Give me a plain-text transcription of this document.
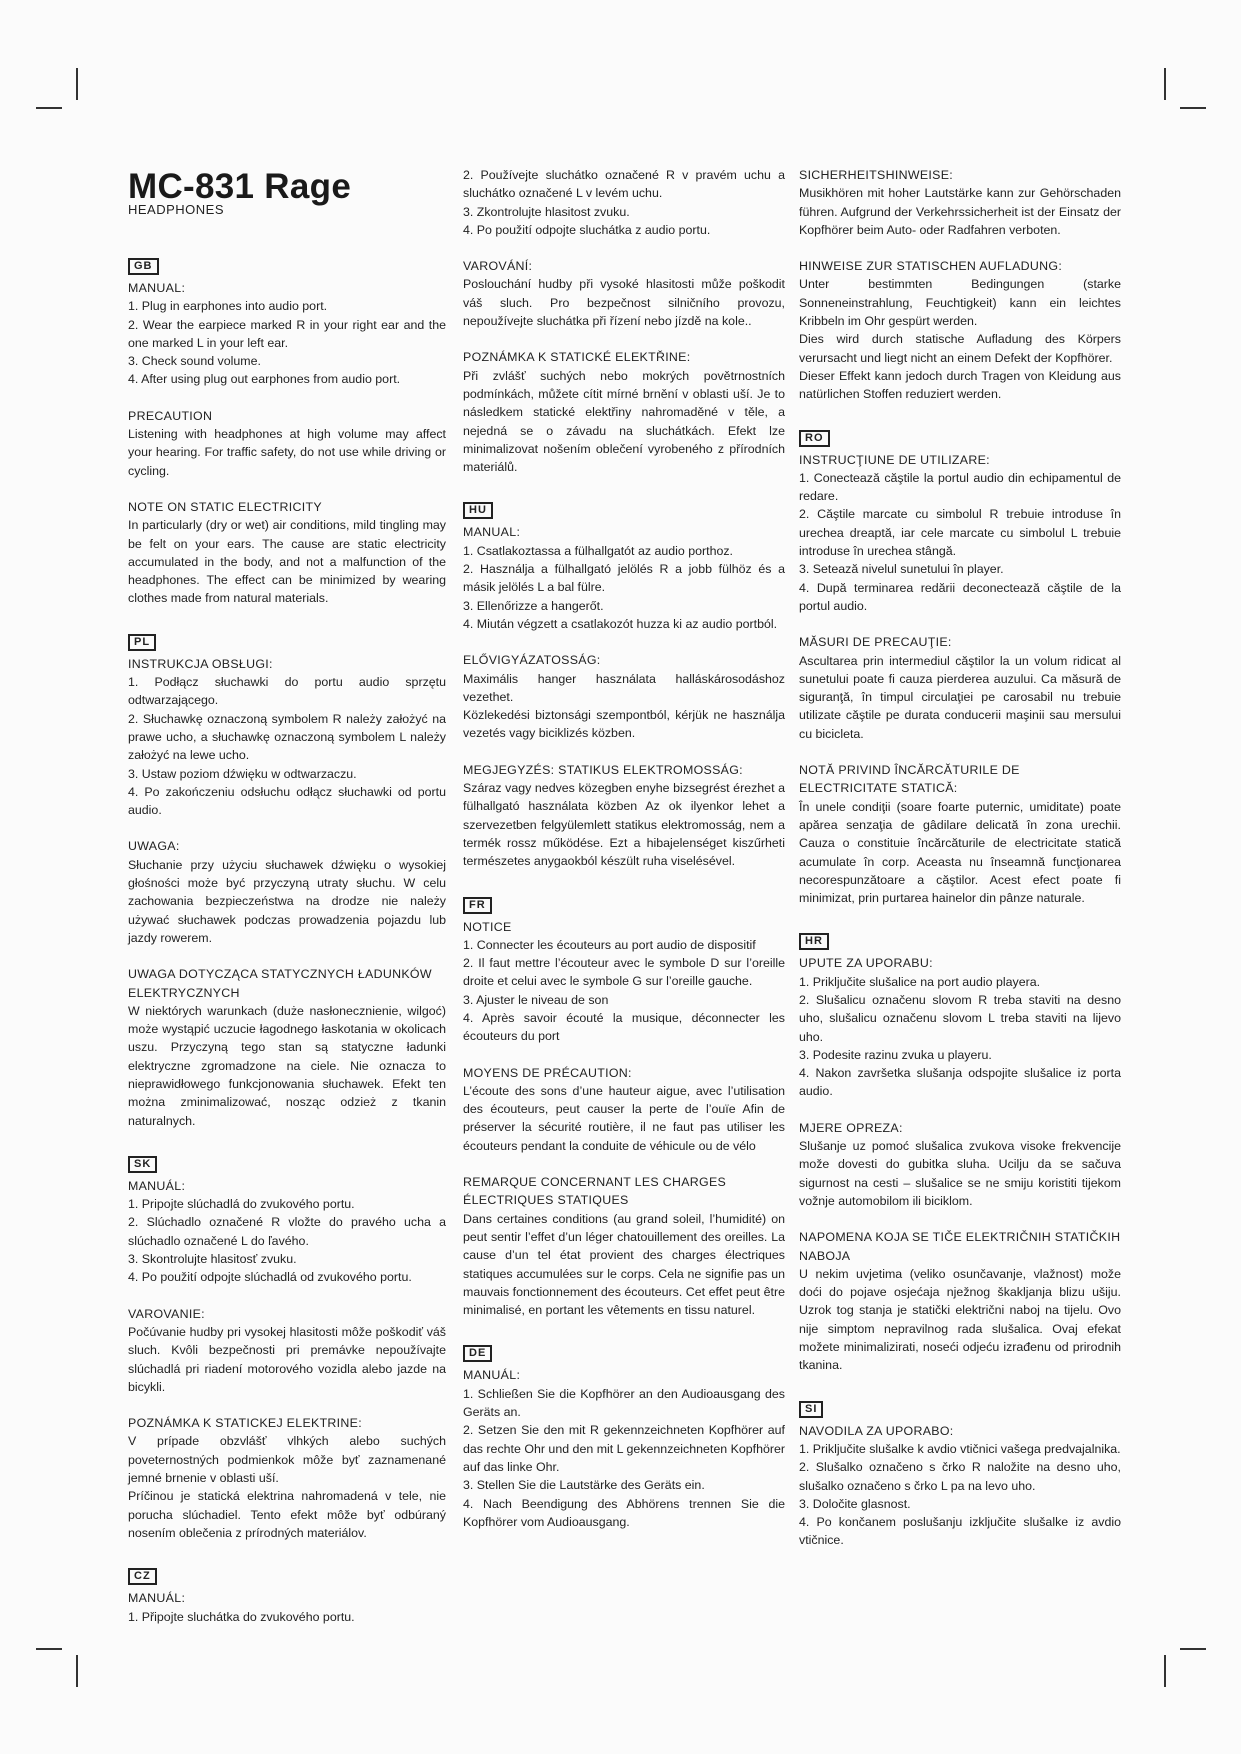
MC-831 Rage
HEADPHONES
GB
MANUAL:
1. Plug in earphones into audio port.
2. Wear the earpiece marked R in your right ear and the one marked L in your left ear.
3. Check sound volume.
4. After using plug out earphones from audio port.
PRECAUTION
Listening with headphones at high volume may affect your hearing. For traffic safety, do not use while driving or cycling.
NOTE ON STATIC ELECTRICITY
In particularly (dry or wet) air conditions, mild tingling may be felt on your ears. The cause are static electricity accumulated in the body, and not a malfunction of the headphones. The effect can be minimized by wearing clothes made from natural materials.
PL
INSTRUKCJA OBSŁUGI:
1. Podłącz słuchawki do portu audio sprzętu odtwarzającego.
2. Słuchawkę oznaczoną symbolem R należy założyć na prawe ucho, a słuchawkę oznaczoną symbolem L należy założyć na lewe ucho.
3. Ustaw poziom dźwięku w odtwarzaczu.
4. Po zakończeniu odsłuchu odłącz słuchawki od portu audio.
UWAGA:
Słuchanie przy użyciu słuchawek dźwięku o wysokiej głośności może być przyczyną utraty słuchu. W celu zachowania bezpieczeństwa na drodze nie należy używać słuchawek podczas prowadzenia pojazdu lub jazdy rowerem.
UWAGA DOTYCZĄCA STATYCZNYCH ŁADUNKÓW ELEKTRYCZNYCH
W niektórych warunkach (duże nasłonecznienie, wilgoć) może wystąpić uczucie łagodnego łaskotania w okolicach uszu. Przyczyną tego stan są statyczne ładunki elektryczne zgromadzone na ciele. Nie oznacza to nieprawidłowego funkcjonowania słuchawek. Efekt ten można zminimalizować, nosząc odzież z tkanin naturalnych.
SK
MANUÁL:
1. Pripojte slúchadlá do zvukového portu.
2. Slúchadlo označené R vložte do pravého ucha a slúchadlo označené L do ľavého.
3. Skontrolujte hlasitosť zvuku.
4. Po použití odpojte slúchadlá od zvukového portu.
VAROVANIE:
Počúvanie hudby pri vysokej hlasitosti môže poškodiť váš sluch. Kvôli bezpečnosti pri premávke nepoužívajte slúchadlá pri riadení motorového vozidla alebo jazde na bicykli.
POZNÁMKA K STATICKEJ ELEKTRINE:
V prípade obzvlášť vlhkých alebo suchých poveternostných podmienkok môže byť zaznamenané jemné brnenie v oblasti uší.
Príčinou je statická elektrina nahromadená v tele, nie porucha slúchadiel. Tento efekt môže byť odbúraný nosením oblečenia z prírodných materiálov.
CZ
MANUÁL:
1. Připojte sluchátka do zvukového portu.
2. Používejte sluchátko označené R v pravém uchu a sluchátko označené L v levém uchu.
3. Zkontrolujte hlasitost zvuku.
4. Po použití odpojte sluchátka z audio portu.
VAROVÁNÍ:
Poslouchání hudby při vysoké hlasitosti může poškodit váš sluch. Pro bezpečnost silničního provozu, nepoužívejte sluchátka při řízení nebo jízdě na kole..
POZNÁMKA K STATICKÉ ELEKTŘINE:
Při zvlášť suchých nebo mokrých povětrnostních podmínkách, můžete cítit mírné brnění v oblasti uší. Je to následkem statické elektřiny nahromaděné v těle, a nejedná se o závadu na sluchátkách. Efekt lze minimalizovat nošením oblečení vyrobeného z přírodních materiálů.
HU
MANUAL:
1. Csatlakoztassa a fülhallgatót az audio porthoz.
2. Használja a fülhallgató jelölés R a jobb fülhöz és a másik jelölés L a bal fülre.
3. Ellenőrizze a hangerőt.
4. Miután végzett a csatlakozót huzza ki az audio portból.
ELŐVIGYÁZATOSSÁG:
Maximális hanger használata halláskárosodáshoz vezethet.
Közlekedési biztonsági szempontból, kérjük ne használja vezetés vagy biciklizés közben.
MEGJEGYZÉS: STATIKUS ELEKTROMOSSÁG:
Száraz vagy nedves közegben enyhe bizsegrést érezhet a fülhallgató használata közben Az ok ilyenkor lehet a szervezetben felgyülemlett statikus elektromosság, nem a termék rossz működése. Ezt a hibajelenséget kiszűrheti természetes anygaokból készült ruha viselésével.
FR
NOTICE
1. Connecter les écouteurs au port audio de dispositif
2. Il faut mettre l’écouteur avec le symbole D sur l’oreille droite et celui avec le symbole G sur l’oreille gauche.
3. Ajuster le niveau de son
4. Après savoir écouté la musique, déconnecter les écouteurs du port
MOYENS DE PRÉCAUTION:
L’écoute des sons d’une hauteur aigue, avec l’utilisation des écouteurs, peut causer la perte de l’ouïe Afin de préserver la sécurité routière, il ne faut pas utiliser les écouteurs pendant la conduite de véhicule ou de vélo
REMARQUE CONCERNANT LES CHARGES ÉLECTRIQUES STATIQUES
Dans certaines conditions (au grand soleil, l’humidité) on peut sentir l’effet d’un léger chatouillement des oreilles. La cause d’un tel état provient des charges électriques statiques accumulées sur le corps. Cela ne signifie pas un mauvais fonctionnement des écouteurs. Cet effet peut être minimalisé, en portant les vêtements en tissu naturel.
DE
MANUÁL:
1. Schließen Sie die Kopfhörer an den Audioausgang des Geräts an.
2. Setzen Sie den mit R gekennzeichneten Kopfhörer auf das rechte Ohr und den mit L gekennzeichneten Kopfhörer auf das linke Ohr.
3. Stellen Sie die Lautstärke des Geräts ein.
4. Nach Beendigung des Abhörens trennen Sie die Kopfhörer vom Audioausgang.
SICHERHEITSHINWEISE:
Musikhören mit hoher Lautstärke kann zur Gehörschaden führen. Aufgrund der Verkehrssicherheit ist der Einsatz der Kopfhörer beim Auto- oder Radfahren verboten.
HINWEISE ZUR STATISCHEN AUFLADUNG:
Unter bestimmten Bedingungen (starke Sonneneinstrahlung, Feuchtigkeit) kann ein leichtes Kribbeln im Ohr gespürt werden.
Dies wird durch statische Aufladung des Körpers verursacht und liegt nicht an einem Defekt der Kopfhörer.
Dieser Effekt kann jedoch durch Tragen von Kleidung aus natürlichen Stoffen reduziert werden.
RO
INSTRUCŢIUNE DE UTILIZARE:
1. Conectează căştile la portul audio din echipamentul de redare.
2. Căştile marcate cu simbolul R trebuie introduse în urechea dreaptă, iar cele marcate cu simbolul L trebuie introduse în urechea stângă.
3. Setează nivelul sunetului în player.
4. După terminarea redării deconectează căştile de la portul audio.
MĂSURI DE PRECAUŢIE:
Ascultarea prin intermediul căştilor la un volum ridicat al sunetului poate fi cauza pierderea auzului. Ca măsură de siguranţă, în timpul circulaţiei pe carosabil nu trebuie utilizate căştile pe durata conducerii maşinii sau mersului cu bicicleta.
NOTĂ PRIVIND ÎNCĂRCĂTURILE DE ELECTRICITATE STATICĂ:
În unele condiţii (soare foarte puternic, umiditate) poate apărea senzaţia de gâdilare delicată în zona urechii. Cauza o constituie încărcăturile de electricitate statică acumulate în corp. Aceasta nu înseamnă funcţionarea necorespunzătoare a căştilor. Acest efect poate fi minimizat, prin purtarea hainelor din pânze naturale.
HR
UPUTE ZA UPORABU:
1. Priključite slušalice na port audio playera.
2. Slušalicu označenu slovom R treba staviti na desno uho, slušalicu označenu slovom L treba staviti na lijevo uho.
3. Podesite razinu zvuka u playeru.
4. Nakon završetka slušanja odspojite slušalice iz porta audio.
MJERE OPREZA:
Slušanje uz pomoć slušalica zvukova visoke frekvencije može dovesti do gubitka sluha. Ucilju da se sačuva sigurnost na cesti – slušalice se ne smiju koristiti tijekom vožnje automobilom ili biciklom.
NAPOMENA KOJA SE TIČE ELEKTRIČNIH STATIČKIH NABOJA
U nekim uvjetima (veliko osunčavanje, vlažnost) može doći do pojave osjećaja nježnog škakljanja blizu ušiju. Uzrok tog stanja je statički električni naboj na tijelu. Ovo nije simptom nepravilnog rada slušalica. Ovaj efekat možete minimalizirati, noseći odjeću izrađenu od prirodnih tkanina.
SI
NAVODILA ZA UPORABO:
1. Priključite slušalke k avdio vtičnici vašega predvajalnika.
2. Slušalko označeno s črko R naložite na desno uho, slušalko označeno s črko L pa na levo uho.
3. Določite glasnost.
4. Po končanem poslušanju izključite slušalke iz avdio vtičnice.
